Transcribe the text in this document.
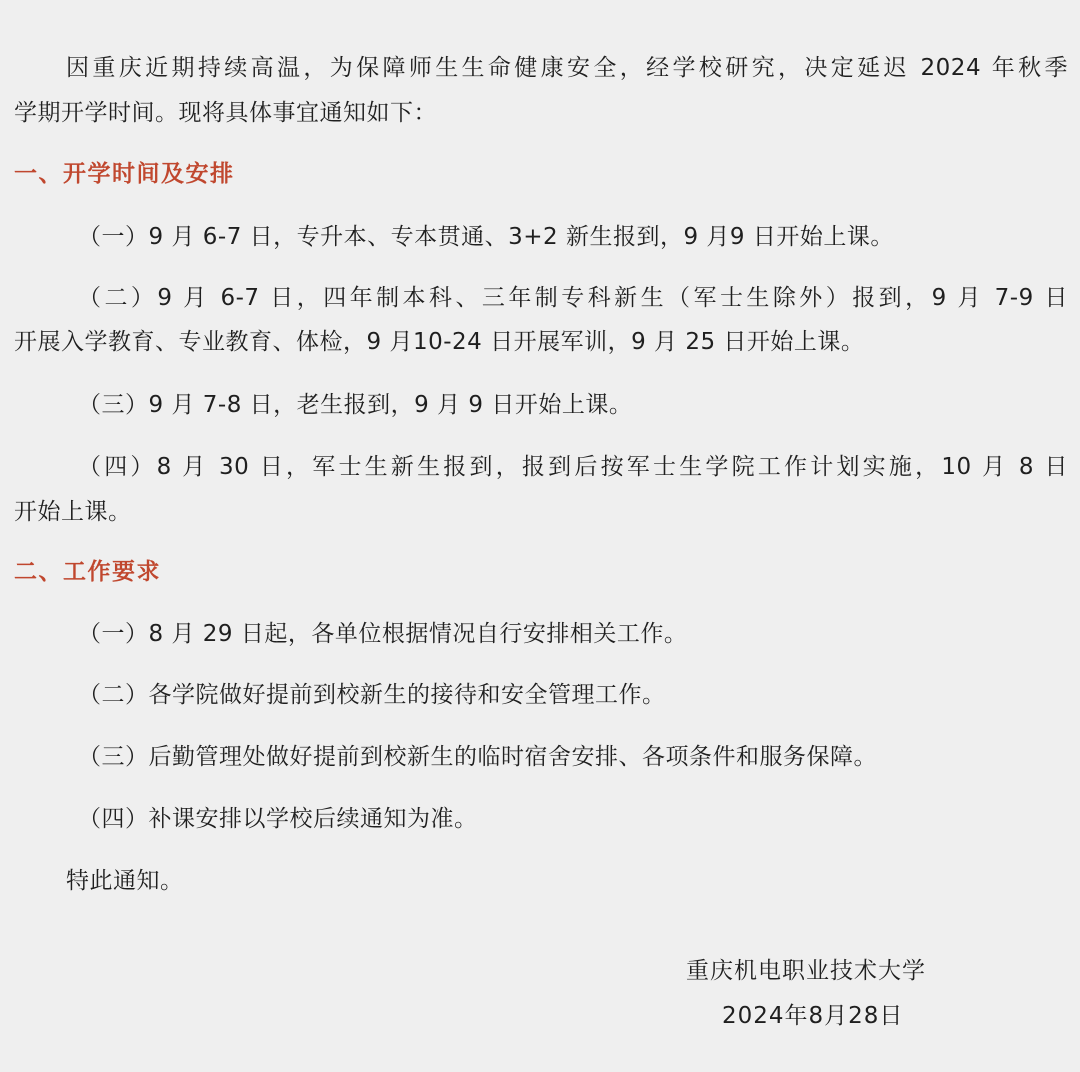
因重庆近期持续高温，为保障师生生命健康安全，经学校研究，决定延迟 2024 年秋季

学期开学时间。现将具体事宜通知如下：

一、开学时间及安排

（一）9 月 6-7 日，专升本、专本贯通、3+2 新生报到，9 月9 日开始上课。

（二）9 月 6-7 日，四年制本科、三年制专科新生（军士生除外）报到，9 月 7-9 日

开展入学教育、专业教育、体检，9 月10-24 日开展军训，9 月 25 日开始上课。

（三）9 月 7-8 日，老生报到，9 月 9 日开始上课。

（四）8 月 30 日，军士生新生报到，报到后按军士生学院工作计划实施，10 月 8 日

开始上课。

二、工作要求

（一）8 月 29 日起，各单位根据情况自行安排相关工作。

（二）各学院做好提前到校新生的接待和安全管理工作。

（三）后勤管理处做好提前到校新生的临时宿舍安排、各项条件和服务保障。

（四）补课安排以学校后续通知为准。

特此通知。

重庆机电职业技术大学

2024年8月28日
